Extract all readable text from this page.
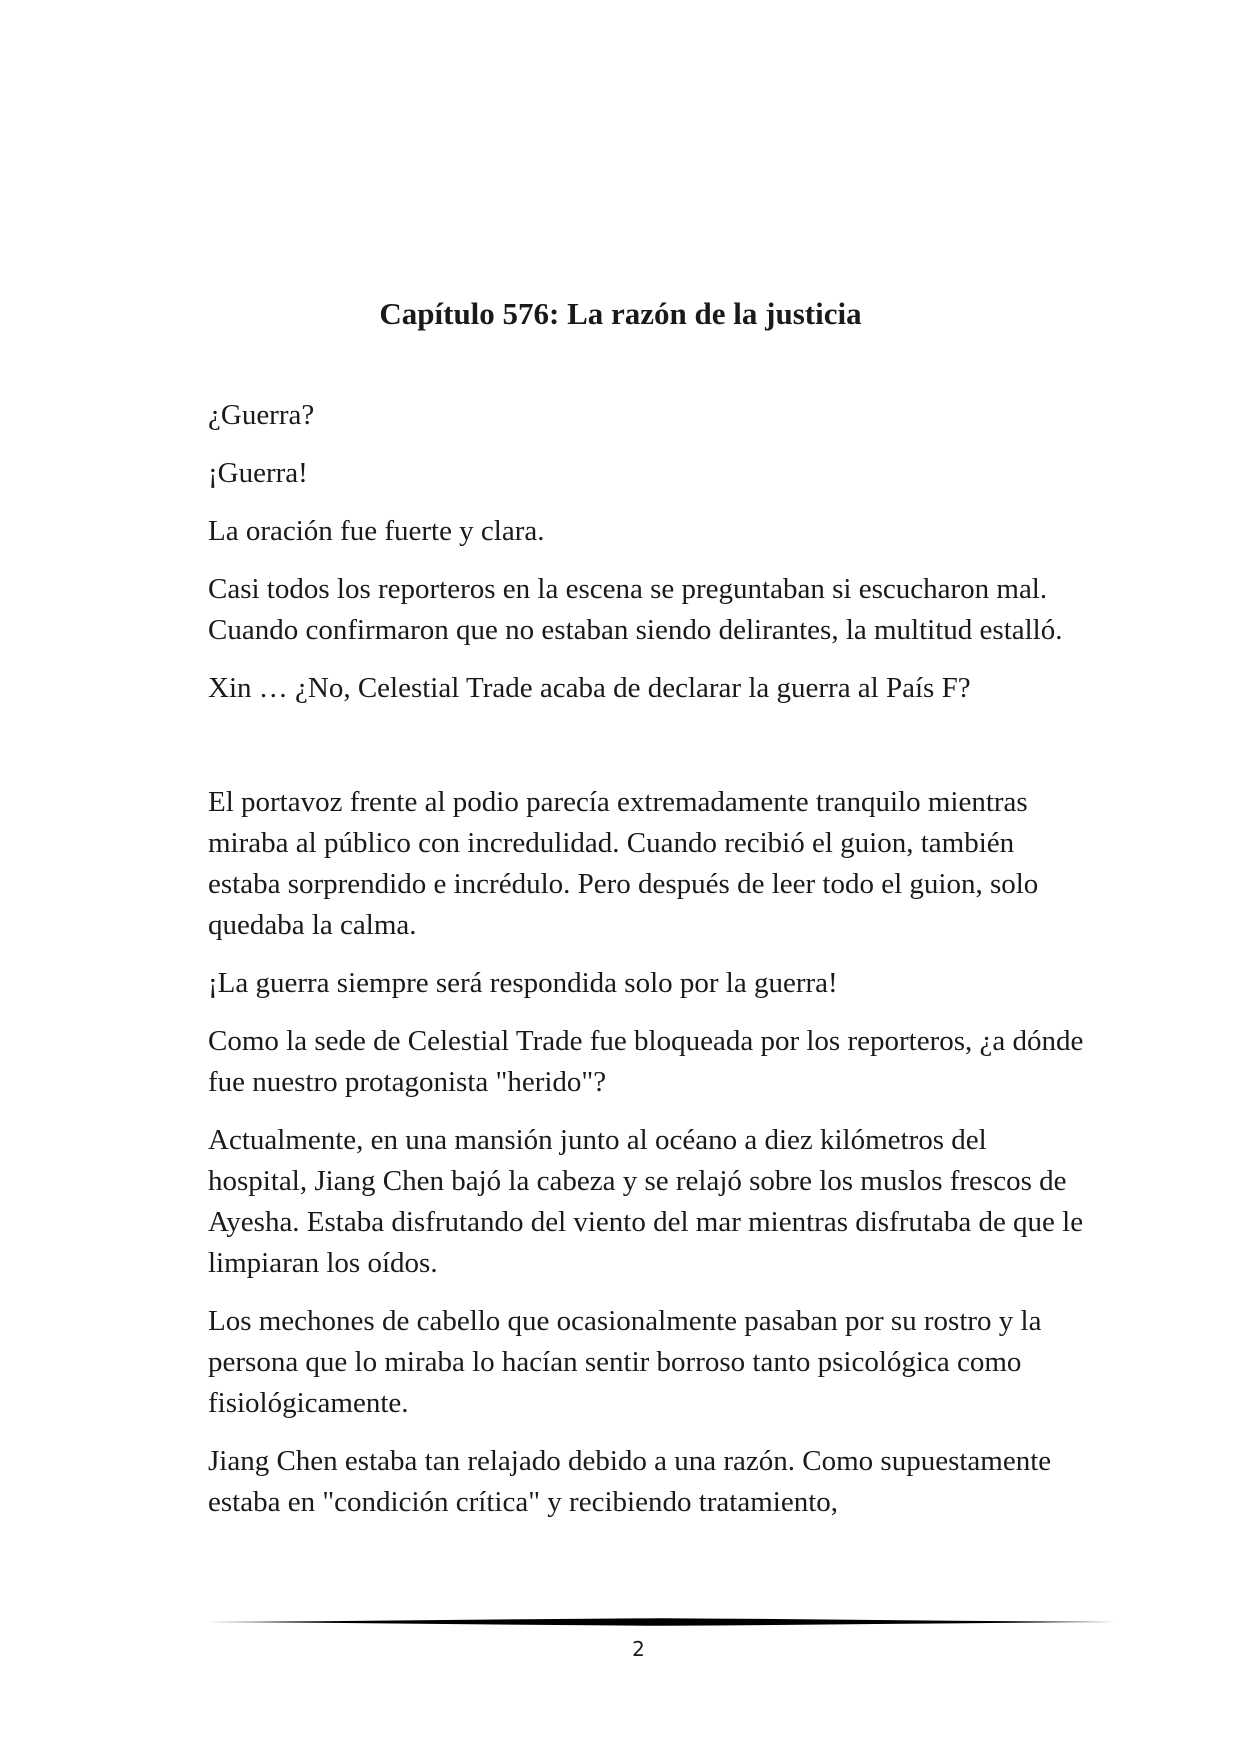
Capítulo 576: La razón de la justicia

¿Guerra?

¡Guerra!

La oración fue fuerte y clara.

Casi todos los reporteros en la escena se preguntaban si escucharon mal. Cuando confirmaron que no estaban siendo delirantes, la multitud estalló.

Xin … ¿No, Celestial Trade acaba de declarar la guerra al País F?

El portavoz frente al podio parecía extremadamente tranquilo mientras miraba al público con incredulidad. Cuando recibió el guion, también estaba sorprendido e incrédulo. Pero después de leer todo el guion, solo quedaba la calma.

¡La guerra siempre será respondida solo por la guerra!

Como la sede de Celestial Trade fue bloqueada por los reporteros, ¿a dónde fue nuestro protagonista "herido"?

Actualmente, en una mansión junto al océano a diez kilómetros del hospital, Jiang Chen bajó la cabeza y se relajó sobre los muslos frescos de Ayesha. Estaba disfrutando del viento del mar mientras disfrutaba de que le limpiaran los oídos.

Los mechones de cabello que ocasionalmente pasaban por su rostro y la persona que lo miraba lo hacían sentir borroso tanto psicológica como fisiológicamente.

Jiang Chen estaba tan relajado debido a una razón. Como supuestamente estaba en "condición crítica" y recibiendo tratamiento,

2
